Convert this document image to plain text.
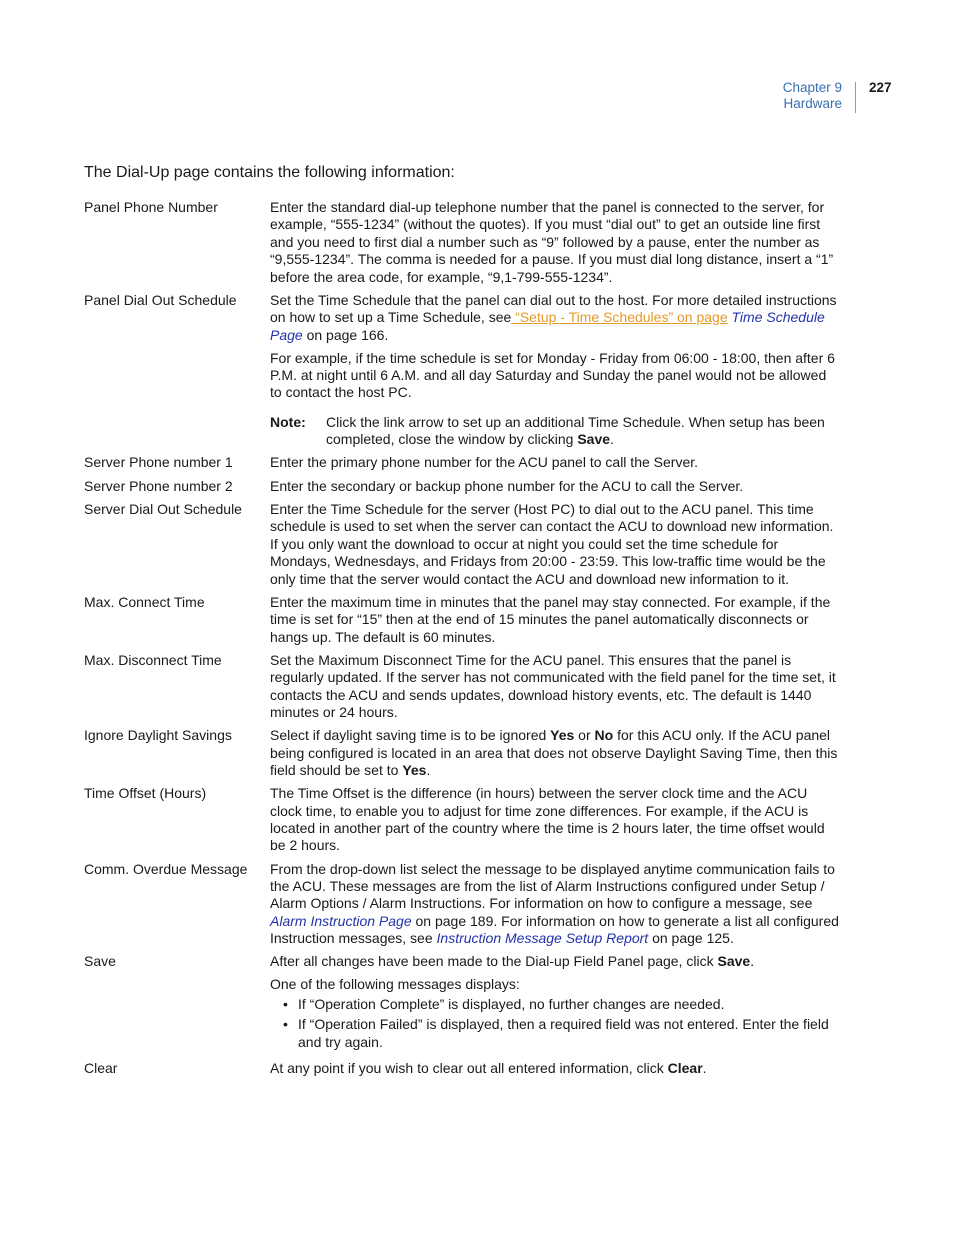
Chapter 9
Hardware
227
The Dial-Up page contains the following information:
Panel Phone Number	Enter the standard dial-up telephone number that the panel is connected to the server, for example, “555-1234” (without the quotes). If you must “dial out” to get an outside line first and you need to first dial a number such as “9” followed by a pause, enter the number as “9,555-1234”. The comma is needed for a pause. If you must dial long distance, insert a “1” before the area code, for example, “9,1-799-555-1234”.
Panel Dial Out Schedule	Set the Time Schedule that the panel can dial out to the host. For more detailed instructions on how to set up a Time Schedule, see “Setup - Time Schedules” on page Time Schedule Page on page 166.

For example, if the time schedule is set for Monday - Friday from 06:00 - 18:00, then after 6 P.M. at night until 6 A.M. and all day Saturday and Sunday the panel would not be allowed to contact the host PC.

Note:	Click the link arrow to set up an additional Time Schedule. When setup has been completed, close the window by clicking Save.
Server Phone number 1	Enter the primary phone number for the ACU panel to call the Server.
Server Phone number 2	Enter the secondary or backup phone number for the ACU to call the Server.
Server Dial Out Schedule	Enter the Time Schedule for the server (Host PC) to dial out to the ACU panel. This time schedule is used to set when the server can contact the ACU to download new information. If you only want the download to occur at night you could set the time schedule for Mondays, Wednesdays, and Fridays from 20:00 - 23:59. This low-traffic time would be the only time that the server would contact the ACU and download new information to it.
Max. Connect Time	Enter the maximum time in minutes that the panel may stay connected. For example, if the time is set for “15” then at the end of 15 minutes the panel automatically disconnects or hangs up. The default is 60 minutes.
Max. Disconnect Time	Set the Maximum Disconnect Time for the ACU panel. This ensures that the panel is regularly updated. If the server has not communicated with the field panel for the time set, it contacts the ACU and sends updates, download history events, etc. The default is 1440 minutes or 24 hours.
Ignore Daylight Savings	Select if daylight saving time is to be ignored Yes or No for this ACU only. If the ACU panel being configured is located in an area that does not observe Daylight Saving Time, then this field should be set to Yes.
Time Offset (Hours)	The Time Offset is the difference (in hours) between the server clock time and the ACU clock time, to enable you to adjust for time zone differences. For example, if the ACU is located in another part of the country where the time is 2 hours later, the time offset would be 2 hours.
Comm. Overdue Message	From the drop-down list select the message to be displayed anytime communication fails to the ACU. These messages are from the list of Alarm Instructions configured under Setup / Alarm Options / Alarm Instructions. For information on how to configure a message, see Alarm Instruction Page on page 189. For information on how to generate a list all configured Instruction messages, see Instruction Message Setup Report on page 125.
Save	After all changes have been made to the Dial-up Field Panel page, click Save.

One of the following messages displays:

• If “Operation Complete” is displayed, no further changes are needed.
• If “Operation Failed” is displayed, then a required field was not entered. Enter the field and try again.
Clear	At any point if you wish to clear out all entered information, click Clear.
